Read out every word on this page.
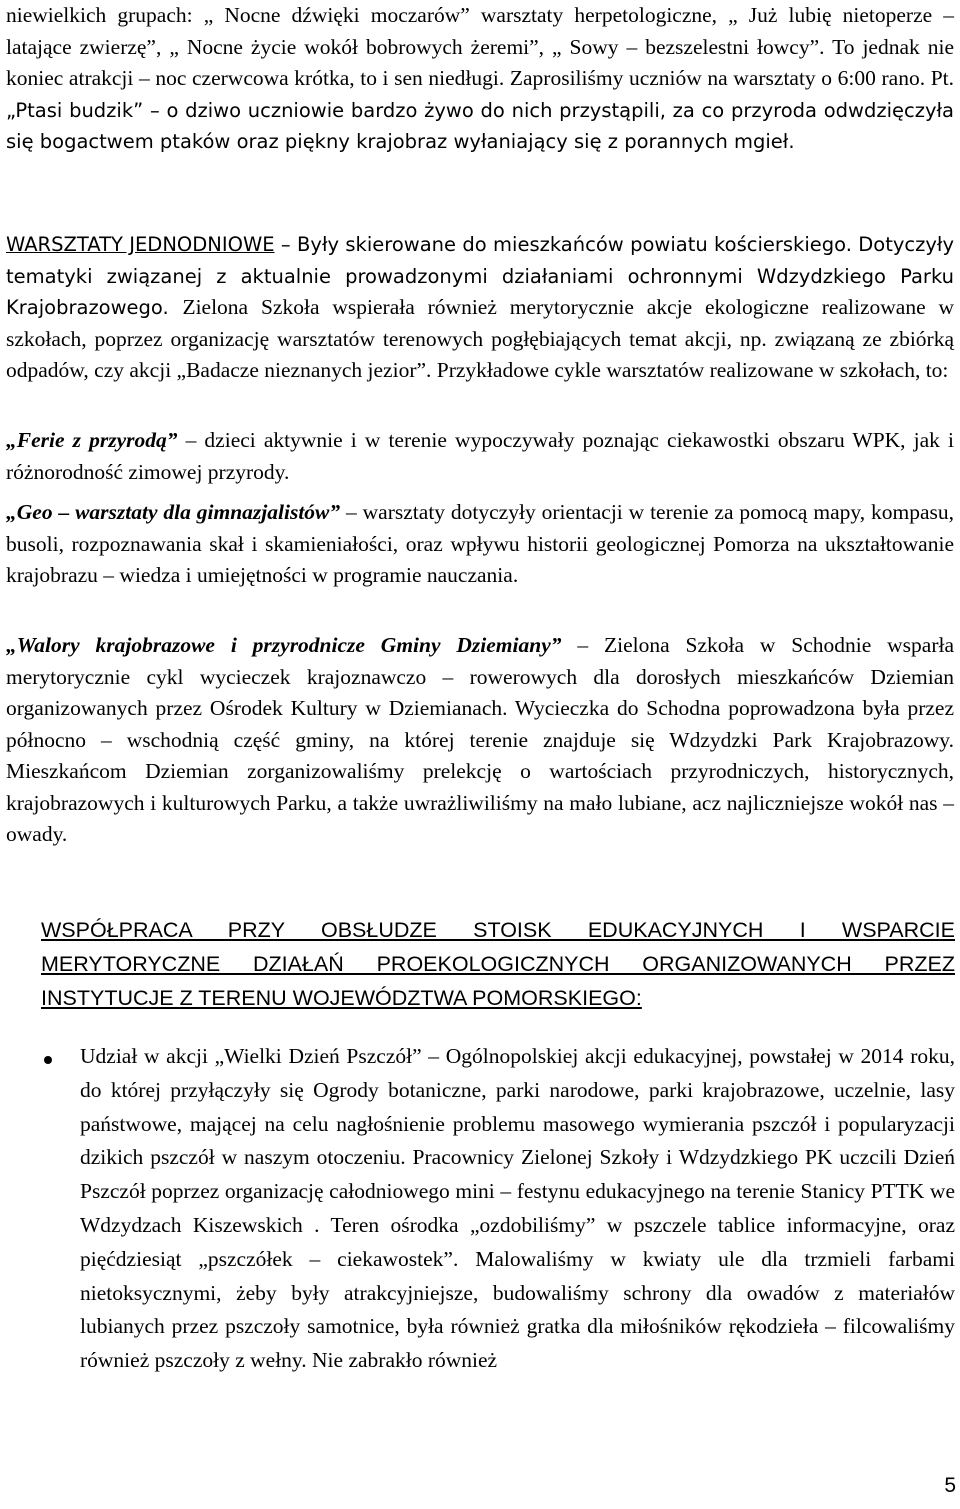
niewielkich grupach: „ Nocne dźwięki moczarów” warsztaty herpetologiczne, „ Już lubię nietoperze – latające zwierzę”, „ Nocne życie wokół bobrowych żeremi”, „ Sowy – bezszelestni łowcy”. To jednak nie koniec atrakcji – noc czerwcowa krótka, to i sen niedługi. Zaprosiliśmy uczniów na warsztaty o 6:00 rano. Pt. „Ptasi budzik” – o dziwo uczniowie bardzo żywo do nich przystąpili, za co przyroda odwdzięczyła się bogactwem ptaków oraz piękny krajobraz wyłaniający się z porannych mgieł.

WARSZTATY JEDNODNIOWE – Były skierowane do mieszkańców powiatu kościerskiego. Dotyczyły tematyki związanej z aktualnie prowadzonymi działaniami ochronnymi Wdzydzkiego Parku Krajobrazowego. Zielona Szkoła wspierała również merytorycznie akcje ekologiczne realizowane w szkołach, poprzez organizację warsztatów terenowych pogłębiających temat akcji, np. związaną ze zbiórką odpadów, czy akcji „Badacze nieznanych jezior”. Przykładowe cykle warsztatów realizowane w szkołach, to:

„Ferie z przyrodą” – dzieci aktywnie i w terenie wypoczywały poznając ciekawostki obszaru WPK, jak i różnorodność zimowej przyrody.

„Geo – warsztaty dla gimnazjalistów” – warsztaty dotyczyły orientacji w terenie za pomocą mapy, kompasu, busoli, rozpoznawania skał i skamieniałości, oraz wpływu historii geologicznej Pomorza na ukształtowanie krajobrazu – wiedza i umiejętności w programie nauczania.

„Walory krajobrazowe i przyrodnicze Gminy Dziemiany” – Zielona Szkoła w Schodnie wsparła merytorycznie cykl wycieczek krajoznawczo – rowerowych dla dorosłych mieszkańców Dziemian organizowanych przez Ośrodek Kultury w Dziemianach. Wycieczka do Schodna poprowadzona była przez północno – wschodnią część gminy, na której terenie znajduje się Wdzydzki Park Krajobrazowy. Mieszkańcom Dziemian zorganizowaliśmy prelekcję o wartościach przyrodniczych, historycznych, krajobrazowych i kulturowych Parku, a także uwrażliwiliśmy na mało lubiane, acz najliczniejsze wokół nas – owady.

WSPÓŁPRACA PRZY OBSŁUDZE STOISK EDUKACYJNYCH I WSPARCIE MERYTORYCZNE DZIAŁAŃ PROEKOLOGICZNYCH ORGANIZOWANYCH PRZEZ INSTYTUCJE Z TERENU WOJEWÓDZTWA POMORSKIEGO:

Udział w akcji „Wielki Dzień Pszczół” – Ogólnopolskiej akcji edukacyjnej, powstałej w 2014 roku, do której przyłączyły się Ogrody botaniczne, parki narodowe, parki krajobrazowe, uczelnie, lasy państwowe, mającej na celu nagłośnienie problemu masowego wymierania pszczół i popularyzacji dzikich pszczół w naszym otoczeniu. Pracownicy Zielonej Szkoły i Wdzydzkiego PK uczcili Dzień Pszczół poprzez organizację całodniowego mini – festynu edukacyjnego na terenie Stanicy PTTK we Wdzydzach Kiszewskich . Teren ośrodka „ozdobiliśmy” w pszczele tablice informacyjne, oraz pięćdziesiąt „pszczółek – ciekawostek”. Malowaliśmy w kwiaty ule dla trzmieli farbami nietoksycznymi, żeby były atrakcyjniejsze, budowaliśmy schrony dla owadów z materiałów lubianych przez pszczoły samotnice, była również gratka dla miłośników rękodzieła – filcowaliśmy również pszczoły z wełny. Nie zabrakło również

5
